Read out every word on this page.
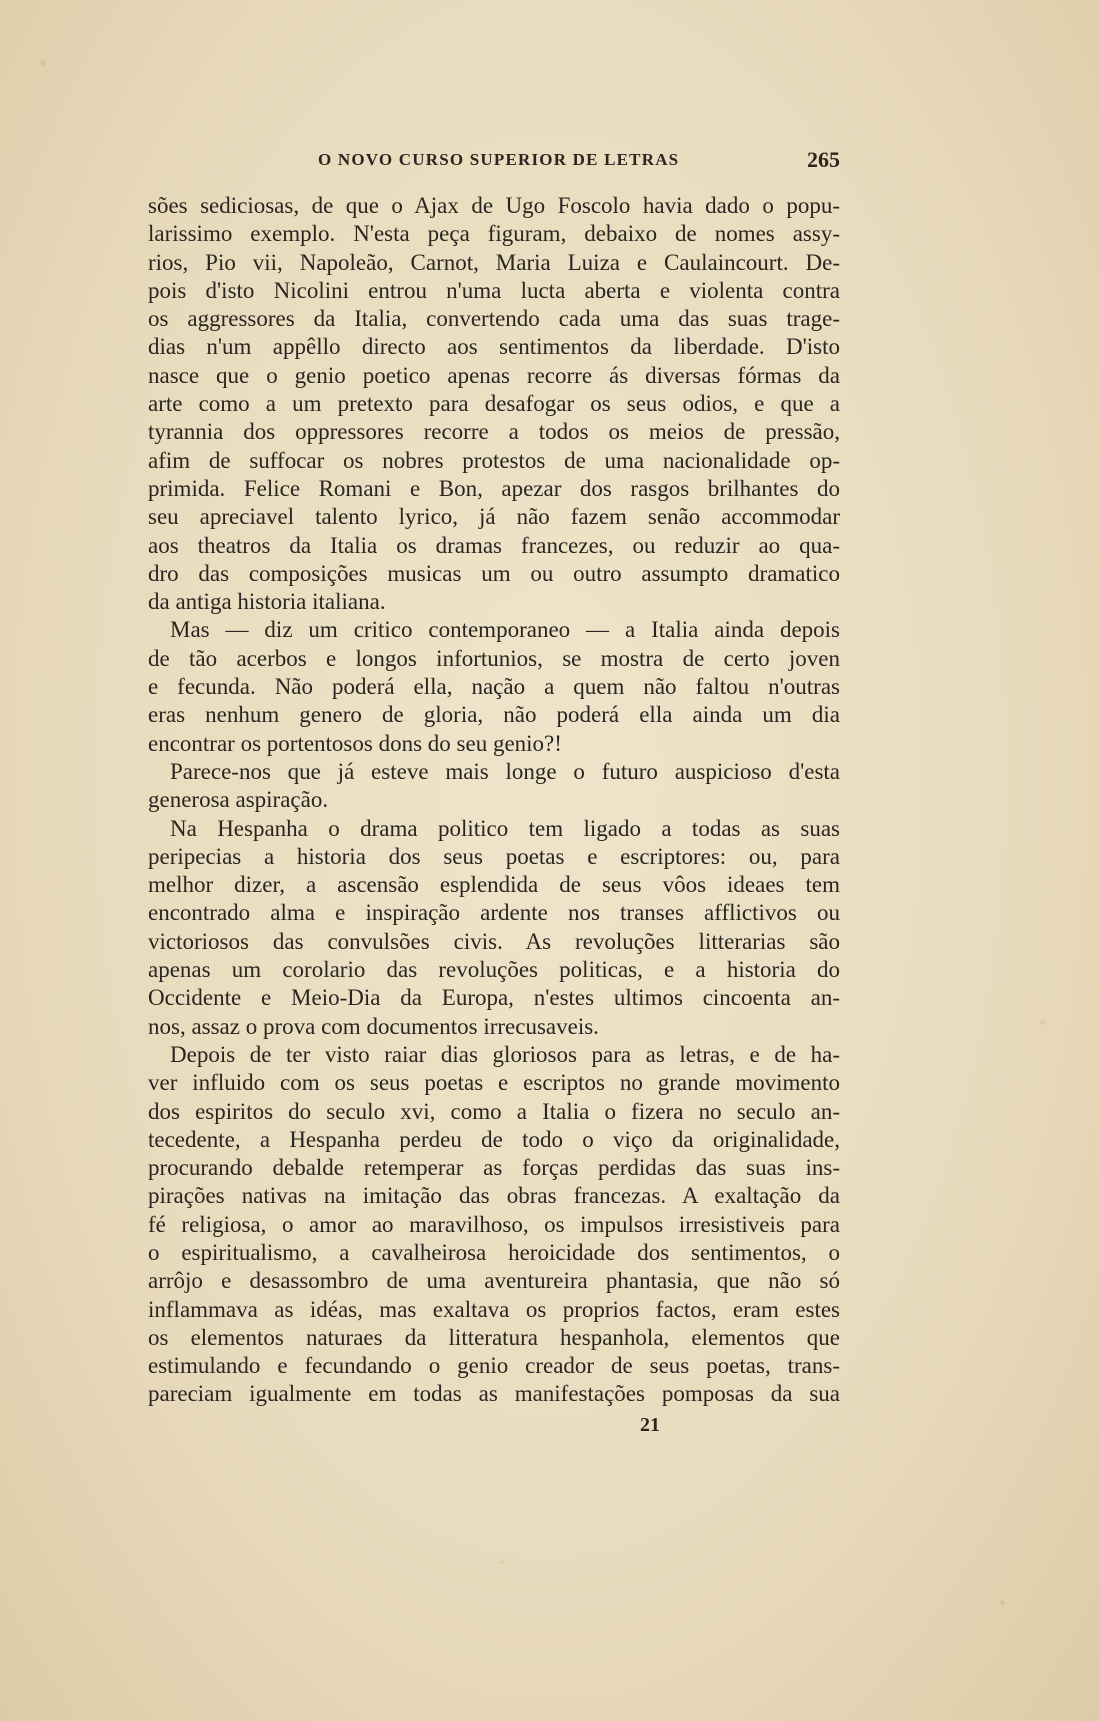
O NOVO CURSO SUPERIOR DE LETRAS	265
sões sediciosas, de que o Ajax de Ugo Foscolo havia dado o popu-
larissimo exemplo. N'esta peça figuram, debaixo de nomes assy-
rios, Pio vii, Napoleão, Carnot, Maria Luiza e Caulaincourt. De-
pois d'isto Nicolini entrou n'uma lucta aberta e violenta contra
os aggressores da Italia, convertendo cada uma das suas trage-
dias n'um appêllo directo aos sentimentos da liberdade. D'isto
nasce que o genio poetico apenas recorre ás diversas fórmas da
arte como a um pretexto para desafogar os seus odios, e que a
tyrannia dos oppressores recorre a todos os meios de pressão,
afim de suffocar os nobres protestos de uma nacionalidade op-
primida. Felice Romani e Bon, apezar dos rasgos brilhantes do
seu apreciavel talento lyrico, já não fazem senão accommodar
aos theatros da Italia os dramas francezes, ou reduzir ao qua-
dro das composições musicas um ou outro assumpto dramatico
da antiga historia italiana.
Mas — diz um critico contemporaneo — a Italia ainda depois
de tão acerbos e longos infortunios, se mostra de certo joven
e fecunda. Não poderá ella, nação a quem não faltou n'outras
eras nenhum genero de gloria, não poderá ella ainda um dia
encontrar os portentosos dons do seu genio?!
Parece-nos que já esteve mais longe o futuro auspicioso d'esta
generosa aspiração.
Na Hespanha o drama politico tem ligado a todas as suas
peripecias a historia dos seus poetas e escriptores: ou, para
melhor dizer, a ascensão esplendida de seus vôos ideaes tem
encontrado alma e inspiração ardente nos transes afflictivos ou
victoriosos das convulsões civis. As revoluções litterarias são
apenas um corolario das revoluções politicas, e a historia do
Occidente e Meio-Dia da Europa, n'estes ultimos cincoenta an-
nos, assaz o prova com documentos irrecusaveis.
Depois de ter visto raiar dias gloriosos para as letras, e de ha-
ver influido com os seus poetas e escriptos no grande movimento
dos espiritos do seculo xvi, como a Italia o fizera no seculo an-
tecedente, a Hespanha perdeu de todo o viço da originalidade,
procurando debalde retemperar as forças perdidas das suas ins-
pirações nativas na imitação das obras francezas. A exaltação da
fé religiosa, o amor ao maravilhoso, os impulsos irresistiveis para
o espiritualismo, a cavalheirosa heroicidade dos sentimentos, o
arrôjo e desassombro de uma aventureira phantasia, que não só
inflammava as idéas, mas exaltava os proprios factos, eram estes
os elementos naturaes da litteratura hespanhola, elementos que
estimulando e fecundando o genio creador de seus poetas, trans-
pareciam igualmente em todas as manifestações pomposas da sua
21
